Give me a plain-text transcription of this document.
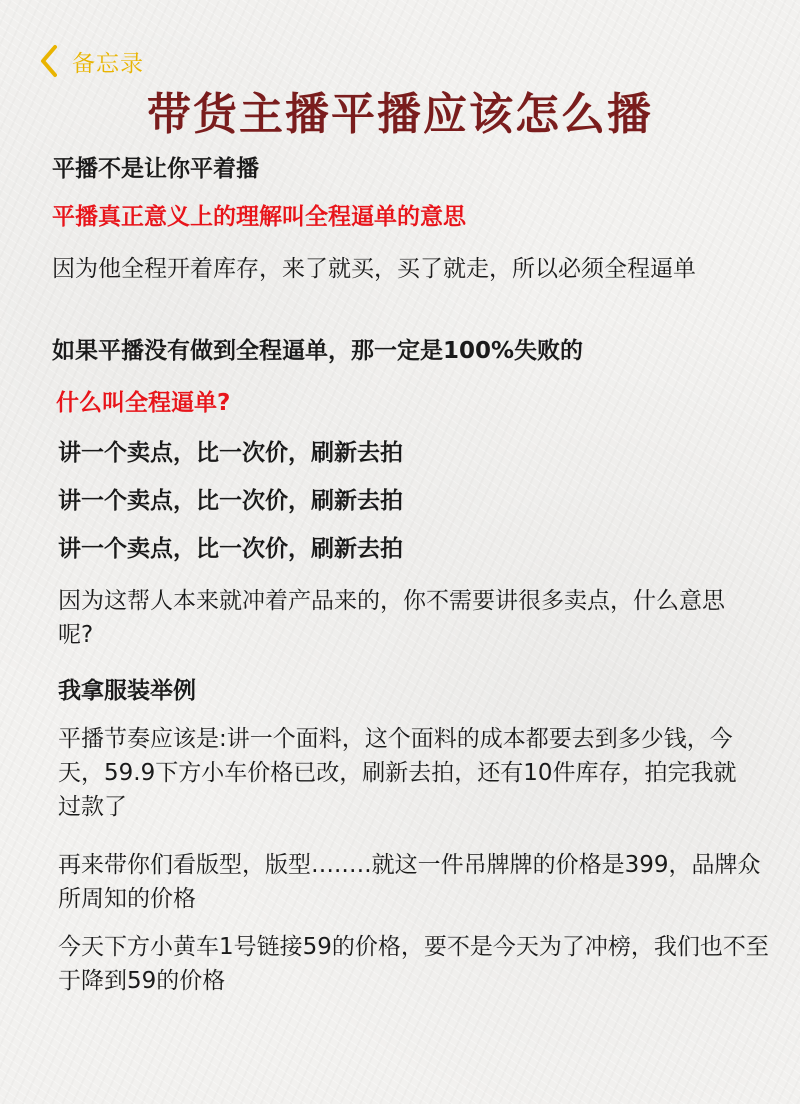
备忘录
带货主播平播应该怎么播

平播不是让你平着播

平播真正意义上的理解叫全程逼单的意思

因为他全程开着库存，来了就买，买了就走，所以必须全程逼单

如果平播没有做到全程逼单，那一定是100%失败的

什么叫全程逼单?

讲一个卖点，比一次价，刷新去拍

讲一个卖点，比一次价，刷新去拍

讲一个卖点，比一次价，刷新去拍

因为这帮人本来就冲着产品来的，你不需要讲很多卖点，什么意思呢?

我拿服装举例

平播节奏应该是:讲一个面料，这个面料的成本都要去到多少钱，今天，59.9下方小车价格已改，刷新去拍，还有10件库存，拍完我就过款了

再来带你们看版型，版型….….就这一件吊牌牌的价格是399，品牌众所周知的价格

今天下方小黄车1号链接59的价格，要不是今天为了冲榜，我们也不至于降到59的价格
